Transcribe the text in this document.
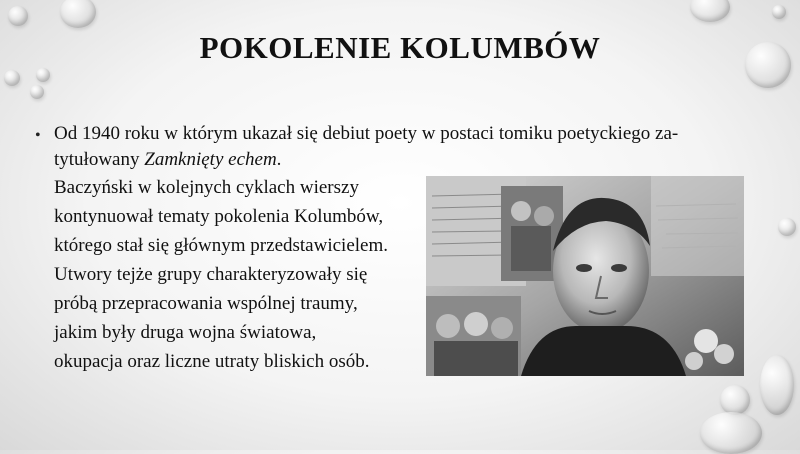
POKOLENIE KOLUMBÓW
• Od 1940 roku w którym ukazał się debiut poety w postaci tomiku poetyckiego za-
tytułowany Zamknięty echem.
Baczyński w kolejnych cyklach wierszy
kontynuował tematy pokolenia Kolumbów,
którego stał się głównym przedstawicielem.
Utwory tejże grupy charakteryzowały się
próbą przepracowania wspólnej traumy,
jakim były druga wojna światowa,
okupacja oraz liczne utraty bliskich osób.
